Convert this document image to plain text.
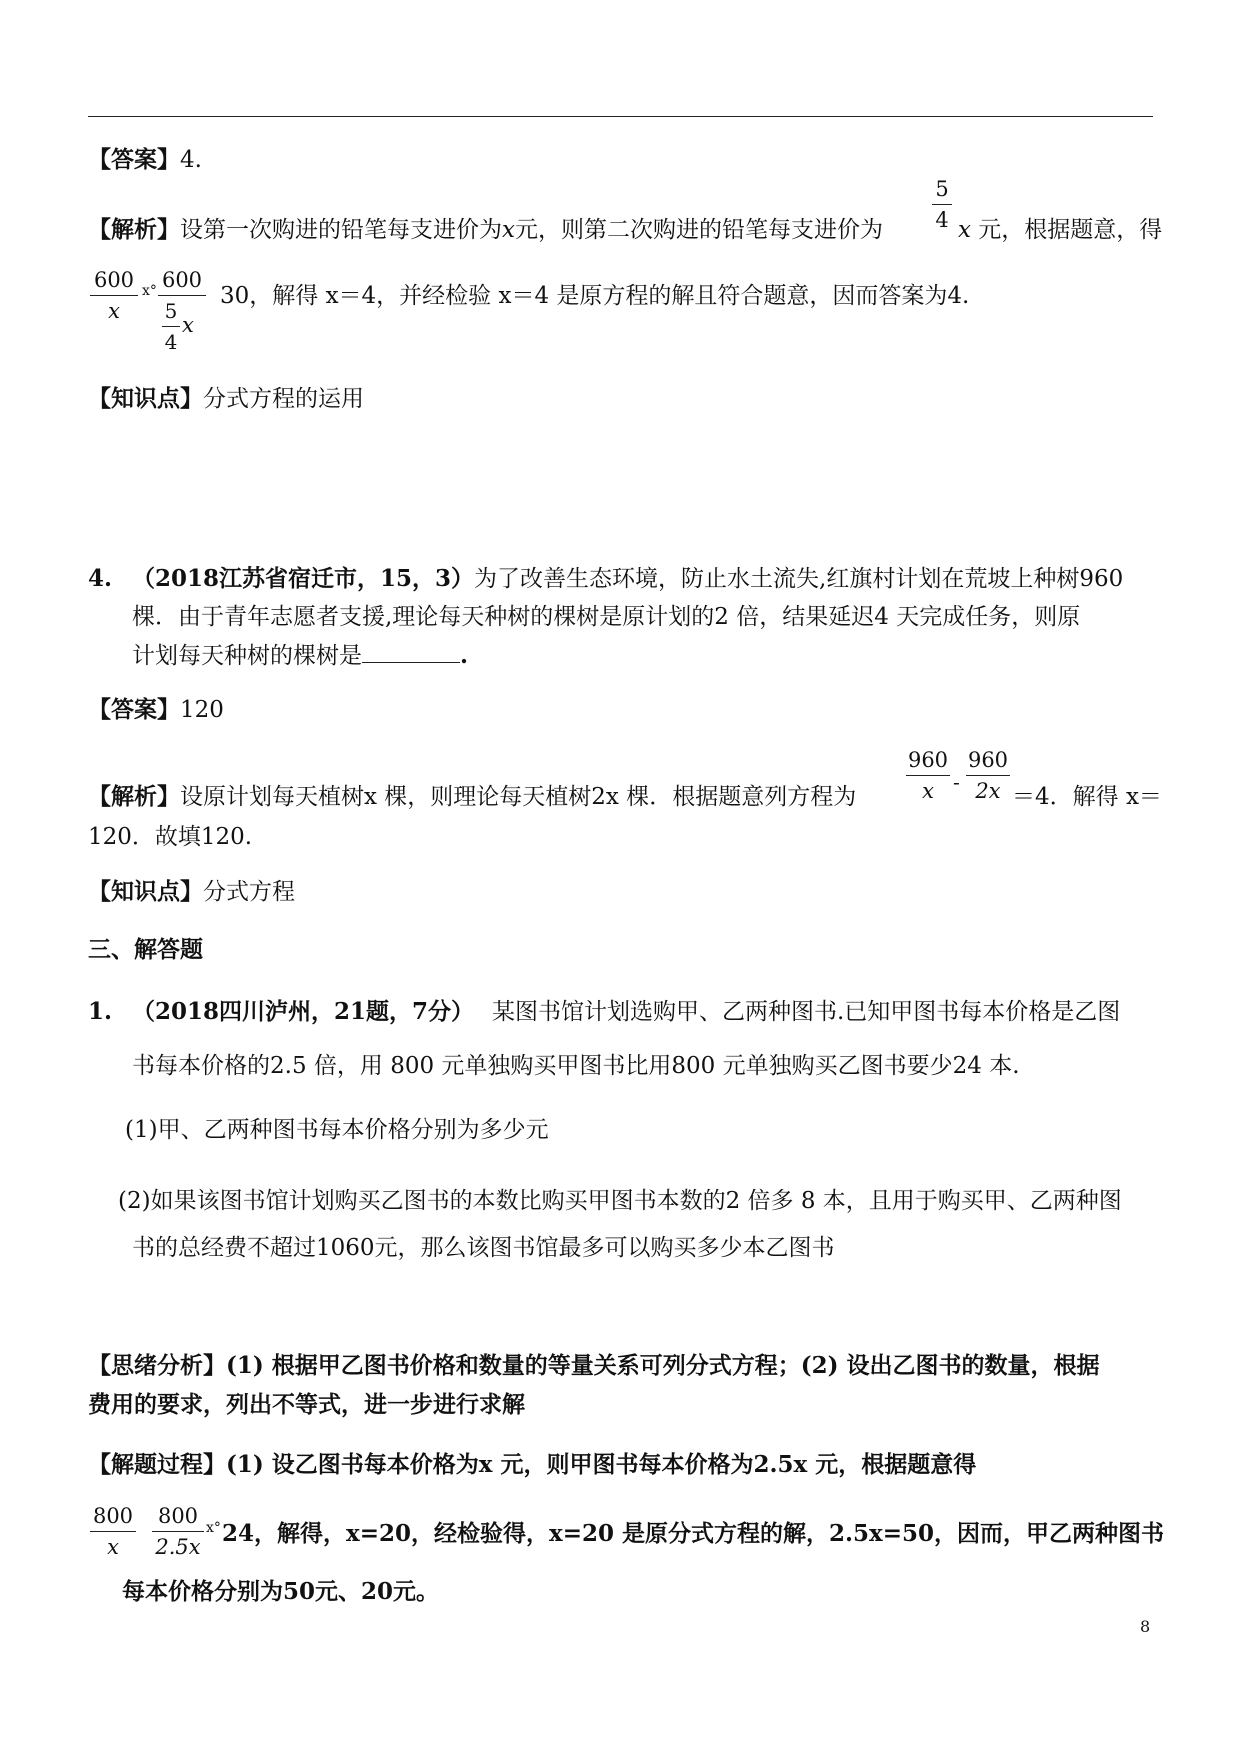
【答案】4.
【解析】设第一次购进的铅笔每支进价为x元，则第二次购进的铅笔每支进价为
5
4 x 元，根据题意，得
600
x
x° 600
5
4
x
30，解得 x＝4，并经检验 x＝4 是原方程的解且符合题意，因而答案为4.
【知识点】分式方程的运用
4. （2018江苏省宿迁市，15，3）为了改善生态环境，防止水土流失,红旗村计划在荒坡上种树960
棵．由于青年志愿者支援,理论每天种树的棵树是原计划的2 倍，结果延迟4 天完成任务，则原
计划每天种树的棵树是	.
【答案】120
【解析】设原计划每天植树x 棵，则理论每天植树2x 棵．根据题意列方程为
960
x -
960
2x ＝4．解得 x＝
120．故填120.
【知识点】分式方程
三、解答题
1. （2018四川泸州，21题，7分） 某图书馆计划选购甲、乙两种图书.已知甲图书每本价格是乙图
书每本价格的2.5 倍，用 800 元单独购买甲图书比用800 元单独购买乙图书要少24 本.
(1)甲、乙两种图书每本价格分别为多少元
(2)如果该图书馆计划购买乙图书的本数比购买甲图书本数的2 倍多 8 本，且用于购买甲、乙两种图
书的总经费不超过1060元，那么该图书馆最多可以购买多少本乙图书
【思绪分析】(1) 根据甲乙图书价格和数量的等量关系可列分式方程；(2) 设出乙图书的数量，根据
费用的要求，列出不等式，进一步进行求解
【解题过程】(1) 设乙图书每本价格为x 元，则甲图书每本价格为2.5x 元，根据题意得
800
x
800
2.5x
x° 24，解得，x=20，经检验得，x=20 是原分式方程的解，2.5x=50，因而，甲乙两种图书
每本价格分别为50元、20元。
8
